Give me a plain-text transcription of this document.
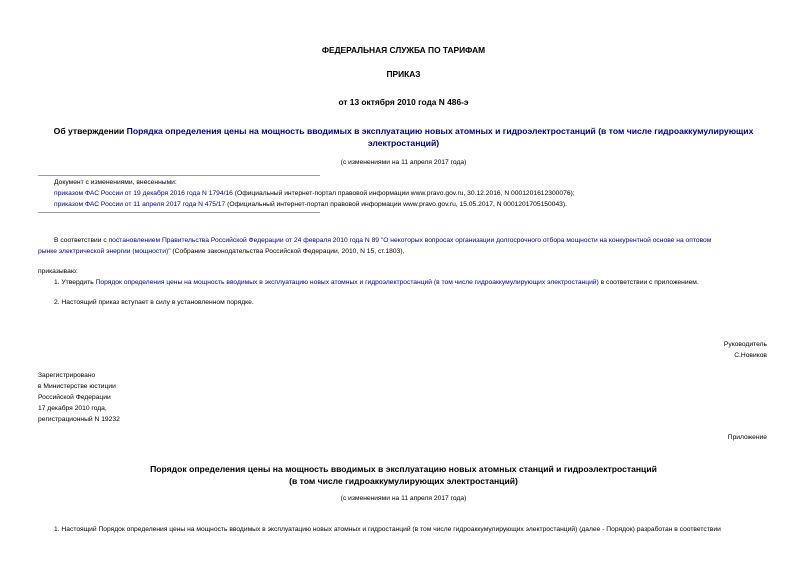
ФЕДЕРАЛЬНАЯ СЛУЖБА ПО ТАРИФАМ
ПРИКАЗ
от 13 октября 2010 года N 486-э
Об утверждении Порядка определения цены на мощность вводимых в эксплуатацию новых атомных и гидроэлектростанций (в том числе гидроаккумулирующих
электростанций)
(с изменениями на 11 апреля 2017 года)
Документ с изменениями, внесенными:
приказом ФАС России от 19 декабря 2016 года N 1794/16 (Официальный интернет-портал правовой информации www.pravo.gov.ru, 30.12.2016, N 0001201612300076);
приказом ФАС России от 11 апреля 2017 года N 475/17 (Официальный интернет-портал правовой информации www.pravo.gov.ru, 15.05.2017, N 0001201705150043).
В соответствии с постановлением Правительства Российской Федерации от 24 февраля 2010 года N 89 "О некоторых вопросах организации долгосрочного отбора мощности на конкурентной основе на оптовом
рынке электрической энергии (мощности)" (Собрание законодательства Российской Федерации, 2010, N 15, ст.1803),
приказываю:
1. Утвердить Порядок определения цены на мощность вводимых в эксплуатацию новых атомных и гидроэлектростанций (в том числе гидроаккумулирующих электростанций) в соответствии с приложением.
2. Настоящий приказ вступает в силу в установленном порядке.
Руководитель
С.Новиков
Зарегистрировано
в Министерстве юстиции
Российской Федерации
17 декабря 2010 года,
регистрационный N 19232
Приложение
Порядок определения цены на мощность вводимых в эксплуатацию новых атомных станций и гидроэлектростанций
(в том числе гидроаккумулирующих электростанций)
(с изменениями на 11 апреля 2017 года)
1. Настоящий Порядок определения цены на мощность вводимых в эксплуатацию новых атомных и гидростанций (в том числе гидроаккумулирующих электростанций) (далее - Порядок) разработан в соответствии
